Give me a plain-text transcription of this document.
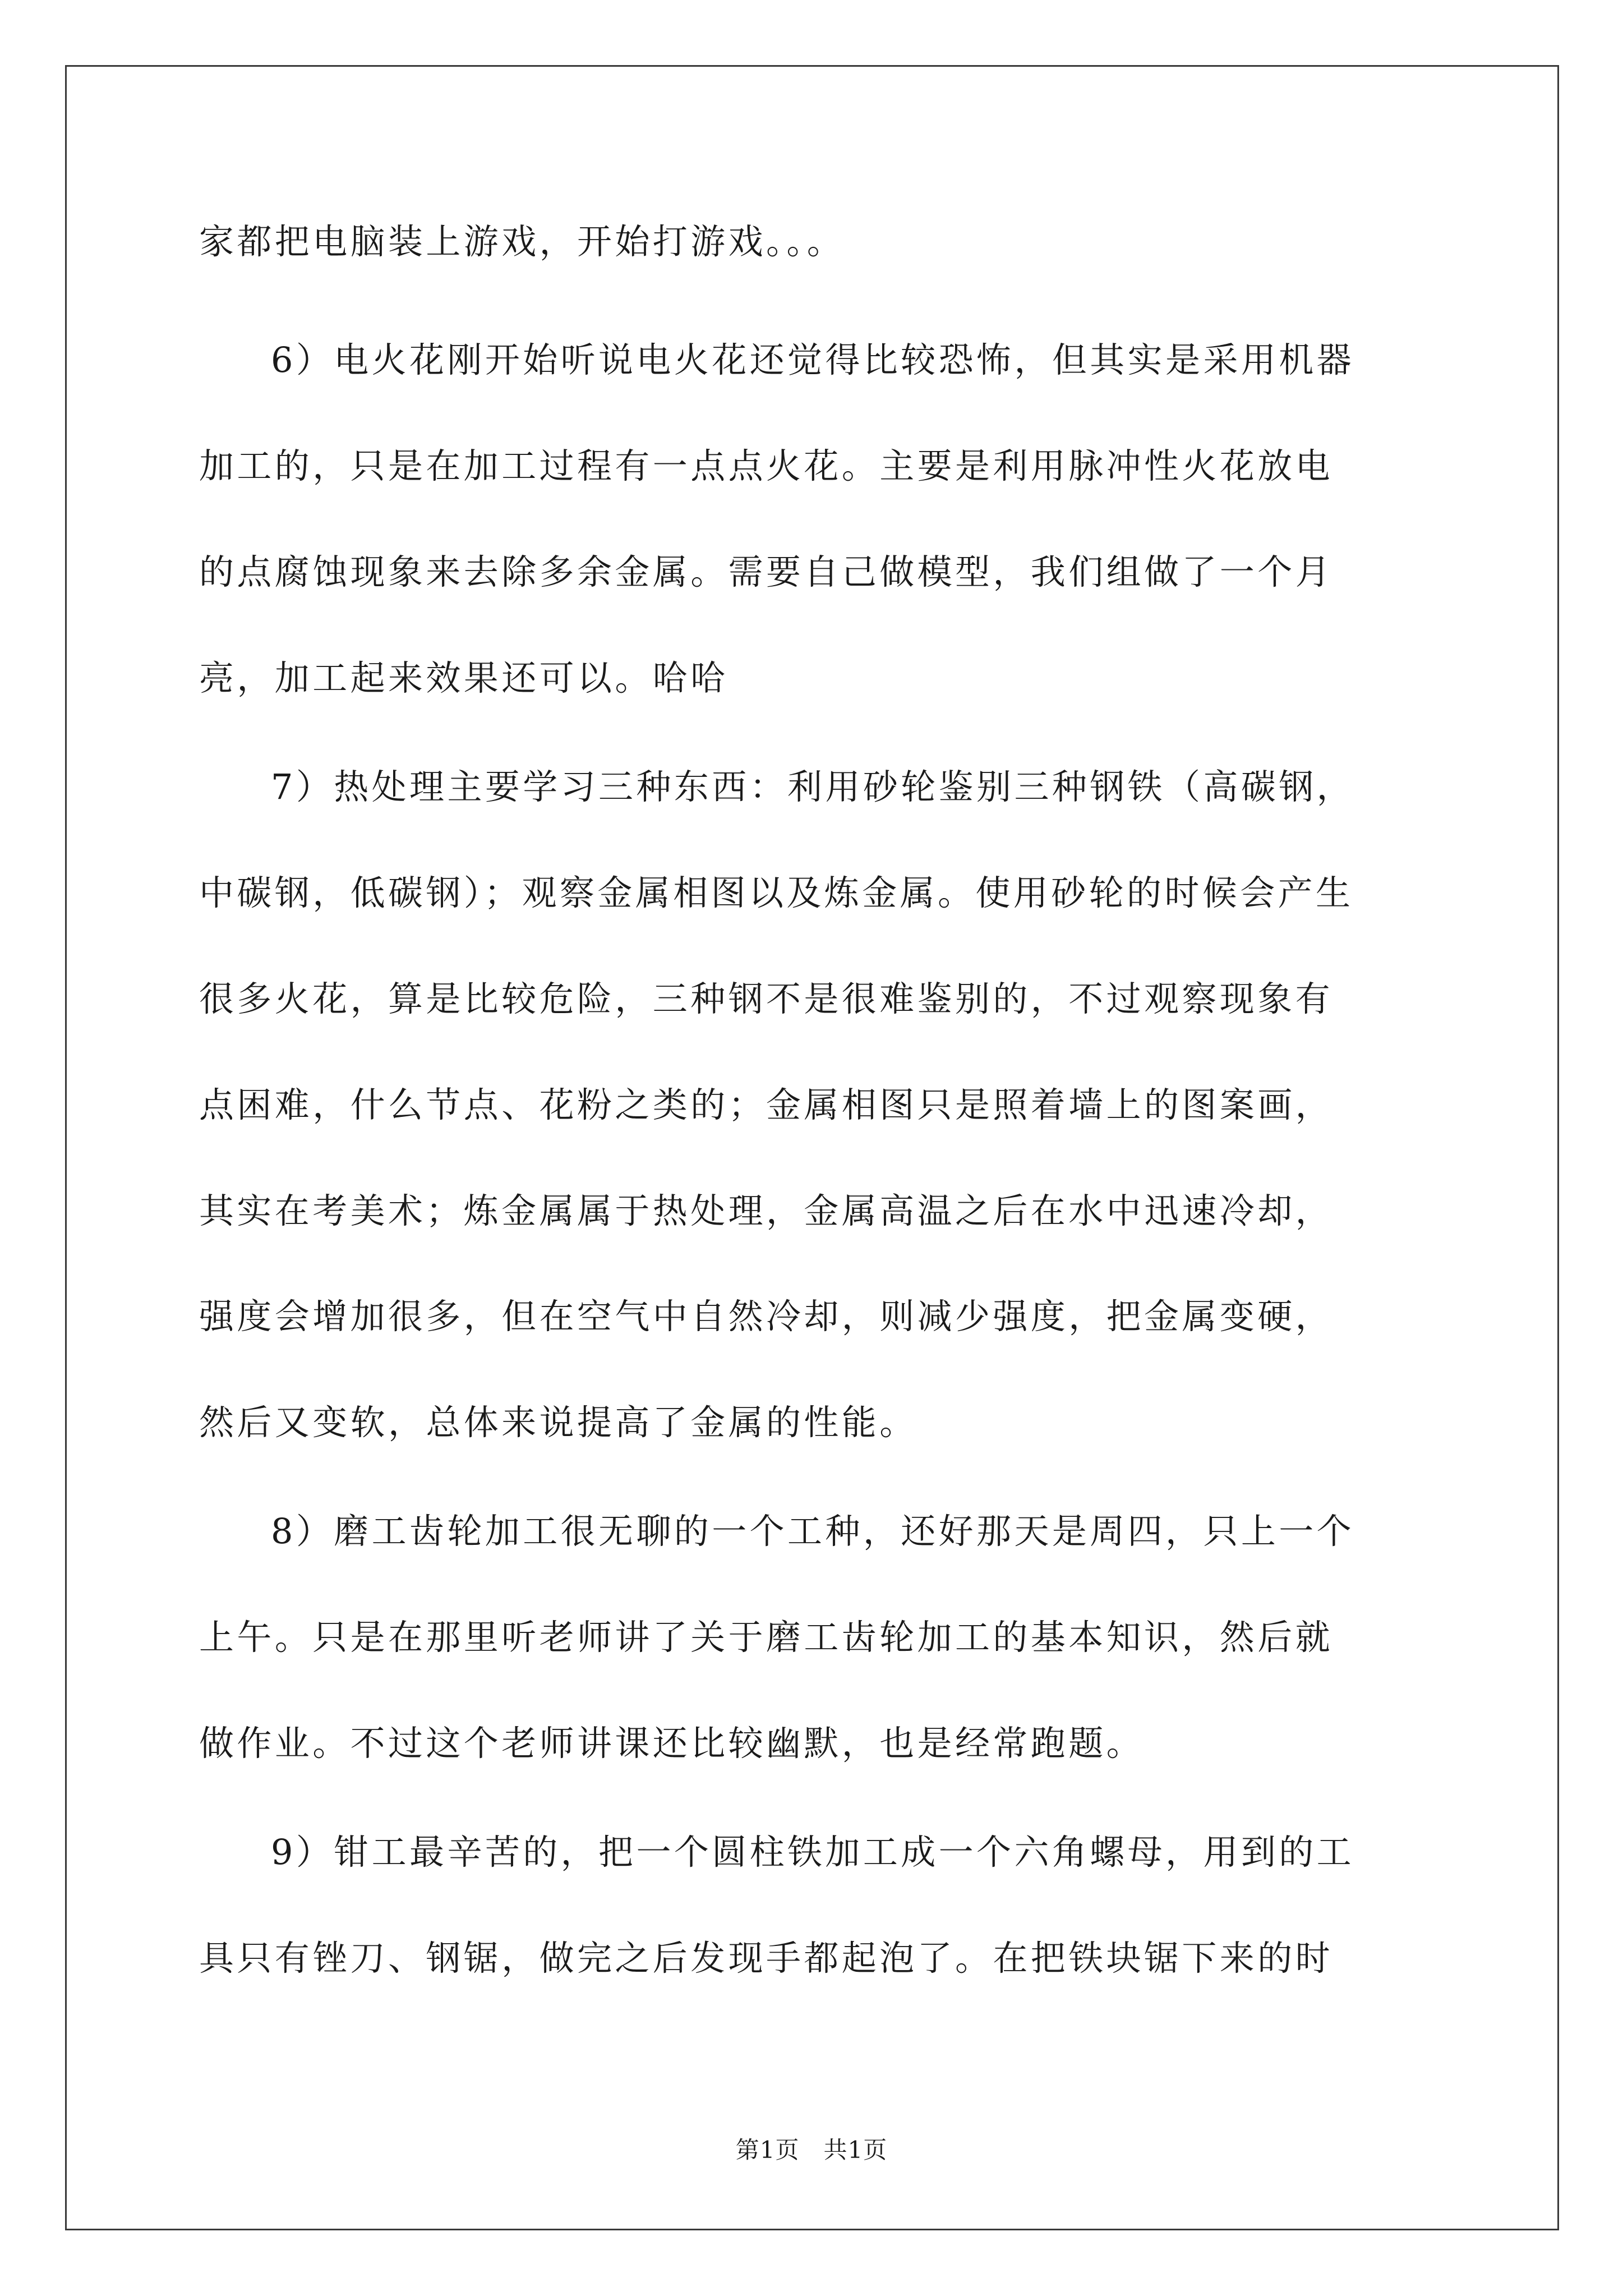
家都把电脑装上游戏，开始打游戏。。。
6）电火花刚开始听说电火花还觉得比较恐怖，但其实是采用机器
加工的，只是在加工过程有一点点火花。主要是利用脉冲性火花放电
的点腐蚀现象来去除多余金属。需要自己做模型，我们组做了一个月
亮，加工起来效果还可以。哈哈
7）热处理主要学习三种东西：利用砂轮鉴别三种钢铁（高碳钢，
中碳钢，低碳钢）；观察金属相图以及炼金属。使用砂轮的时候会产生
很多火花，算是比较危险，三种钢不是很难鉴别的，不过观察现象有
点困难，什么节点、花粉之类的；金属相图只是照着墙上的图案画，
其实在考美术；炼金属属于热处理，金属高温之后在水中迅速冷却，
强度会增加很多，但在空气中自然冷却，则减少强度，把金属变硬，
然后又变软，总体来说提高了金属的性能。
8）磨工齿轮加工很无聊的一个工种，还好那天是周四，只上一个
上午。只是在那里听老师讲了关于磨工齿轮加工的基本知识，然后就
做作业。不过这个老师讲课还比较幽默，也是经常跑题。
9）钳工最辛苦的，把一个圆柱铁加工成一个六角螺母，用到的工
具只有锉刀、钢锯，做完之后发现手都起泡了。在把铁块锯下来的时
第1页   共1页
